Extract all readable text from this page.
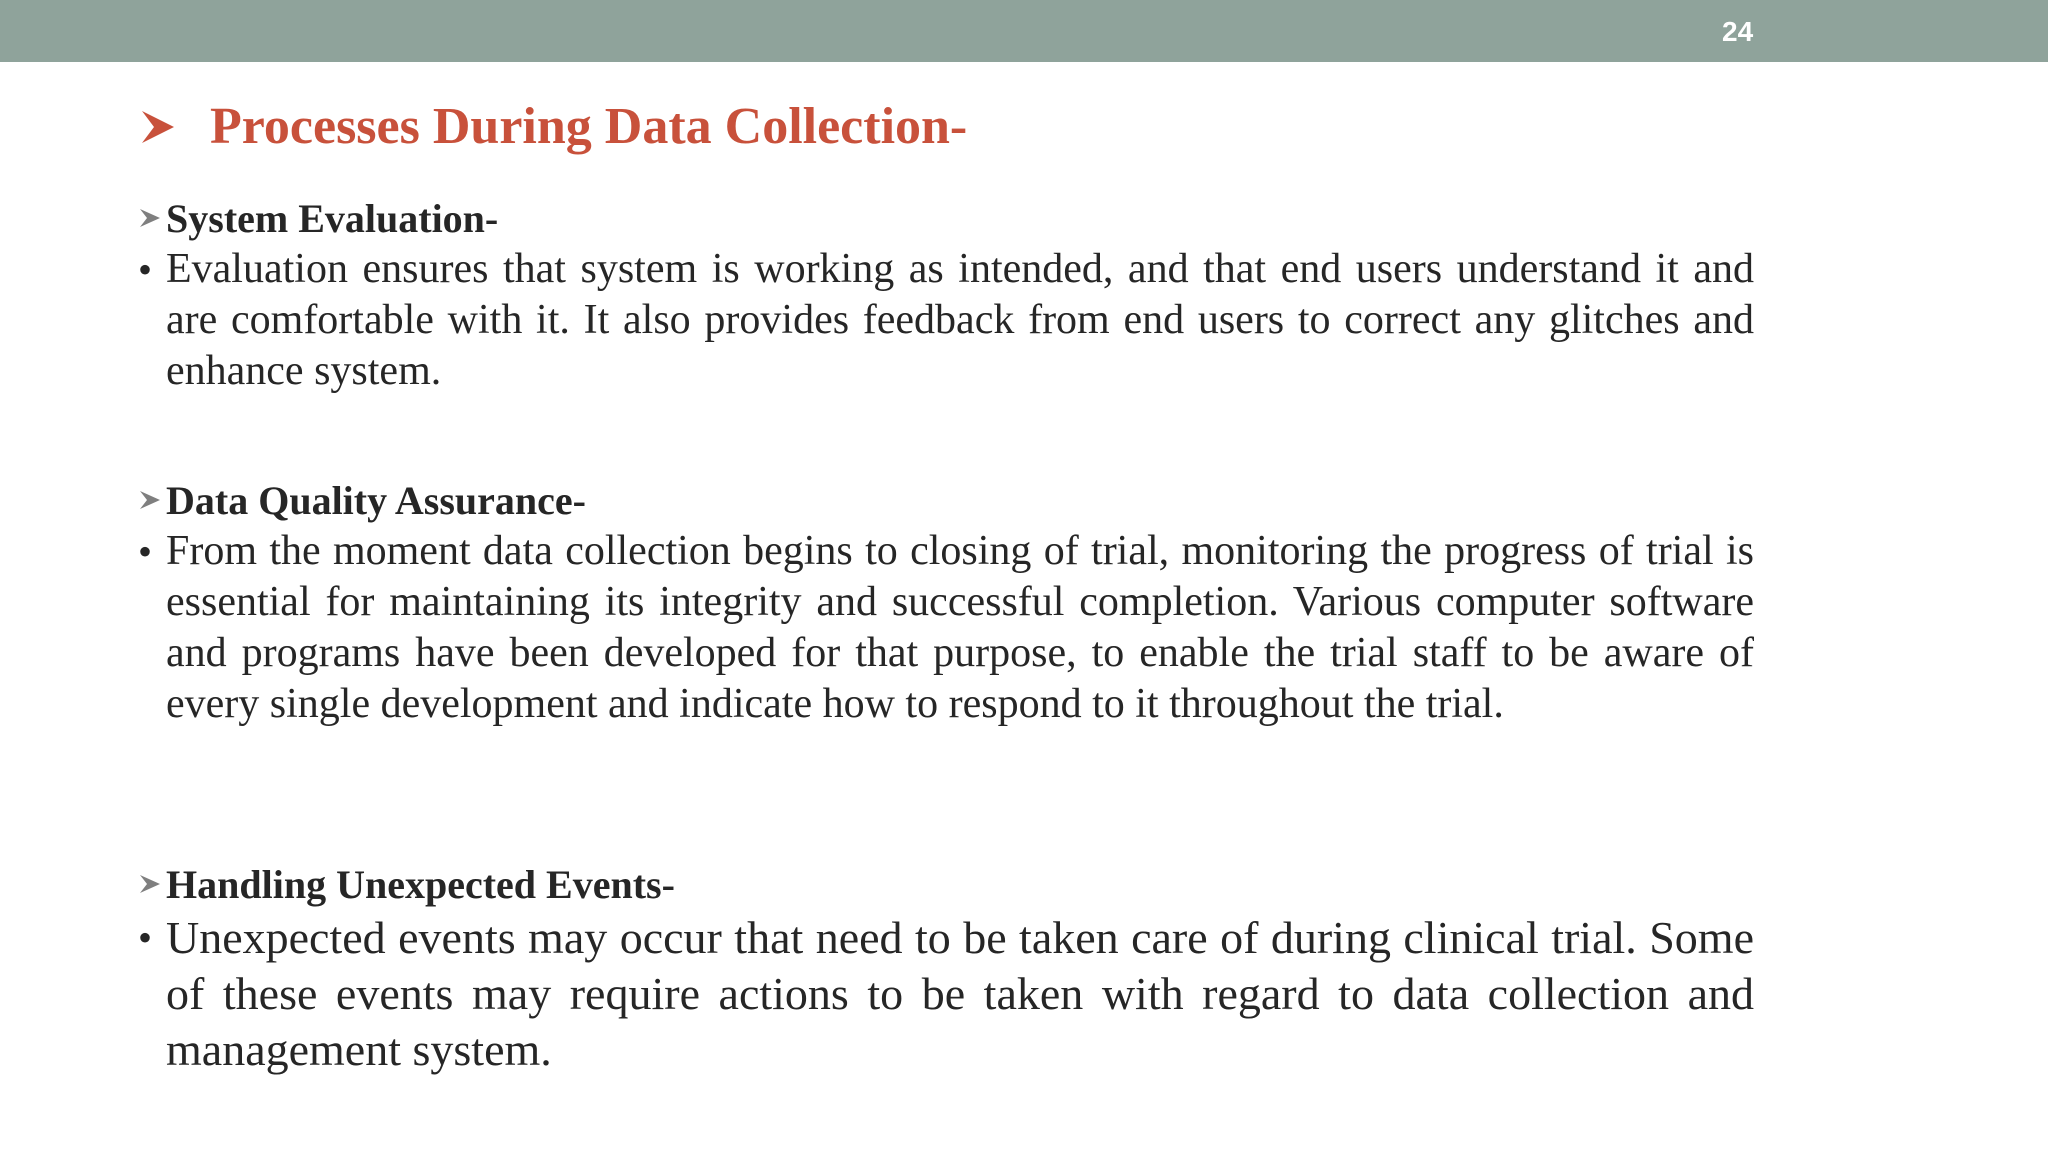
24
Processes During Data Collection-
System Evaluation-
• Evaluation ensures that system is working as intended, and that end users understand it and are comfortable with it. It also provides feedback from end users to correct any glitches and enhance system.

Data Quality Assurance-
• From the moment data collection begins to closing of trial, monitoring the progress of trial is essential for maintaining its integrity and successful completion. Various computer software and programs have been developed for that purpose, to enable the trial staff to be aware of every single development and indicate how to respond to it throughout the trial.

Handling Unexpected Events-
• Unexpected events may occur that need to be taken care of during clinical trial. Some of these events may require actions to be taken with regard to data collection and management system.
